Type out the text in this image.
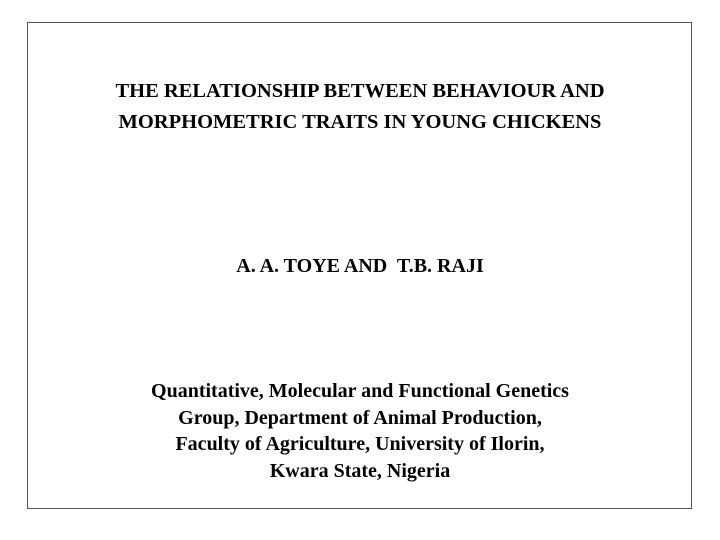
THE RELATIONSHIP BETWEEN BEHAVIOUR AND
MORPHOMETRIC TRAITS IN YOUNG CHICKENS
A. A. TOYE AND  T.B. RAJI
Quantitative, Molecular and Functional Genetics
Group, Department of Animal Production,
Faculty of Agriculture, University of Ilorin,
Kwara State, Nigeria
